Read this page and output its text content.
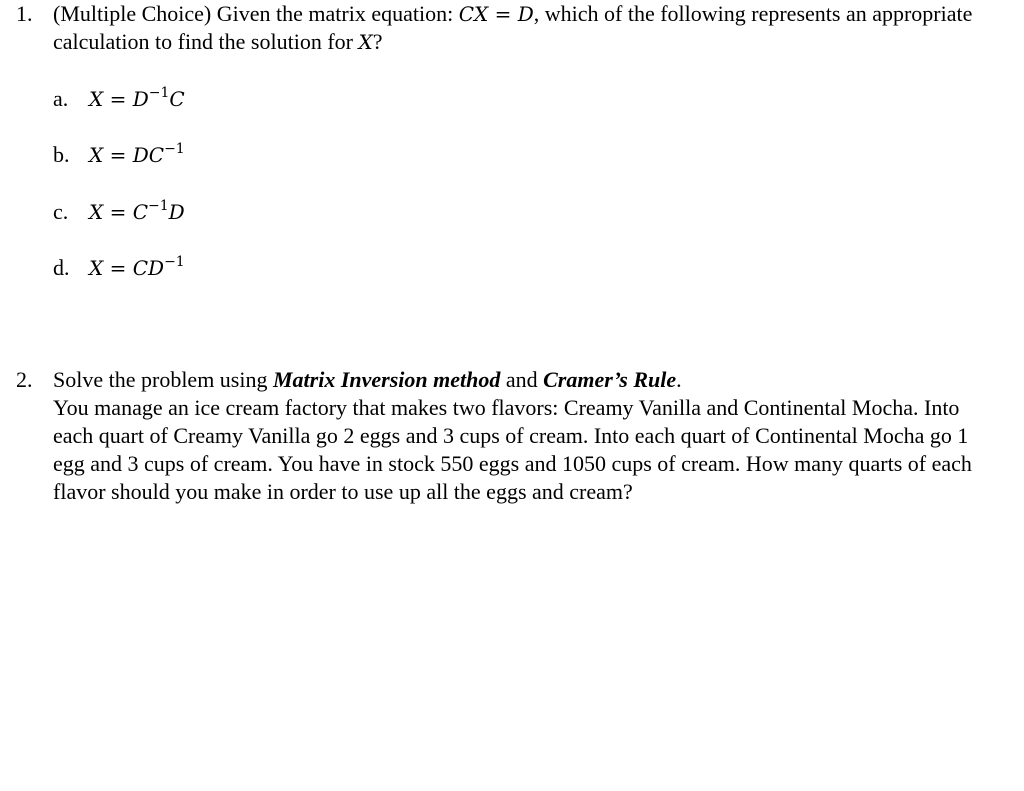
1. (Multiple Choice) Given the matrix equation: CX = D, which of the following represents an appropriate calculation to find the solution for X?
a. $X = D^{-1}C$
b. $X = DC^{-1}$
c. $X = C^{-1}D$
d. $X = CD^{-1}$
2. Solve the problem using Matrix Inversion method and Cramer’s Rule.
You manage an ice cream factory that makes two flavors: Creamy Vanilla and Continental Mocha. Into each quart of Creamy Vanilla go 2 eggs and 3 cups of cream. Into each quart of Continental Mocha go 1 egg and 3 cups of cream. You have in stock 550 eggs and 1050 cups of cream. How many quarts of each flavor should you make in order to use up all the eggs and cream?
